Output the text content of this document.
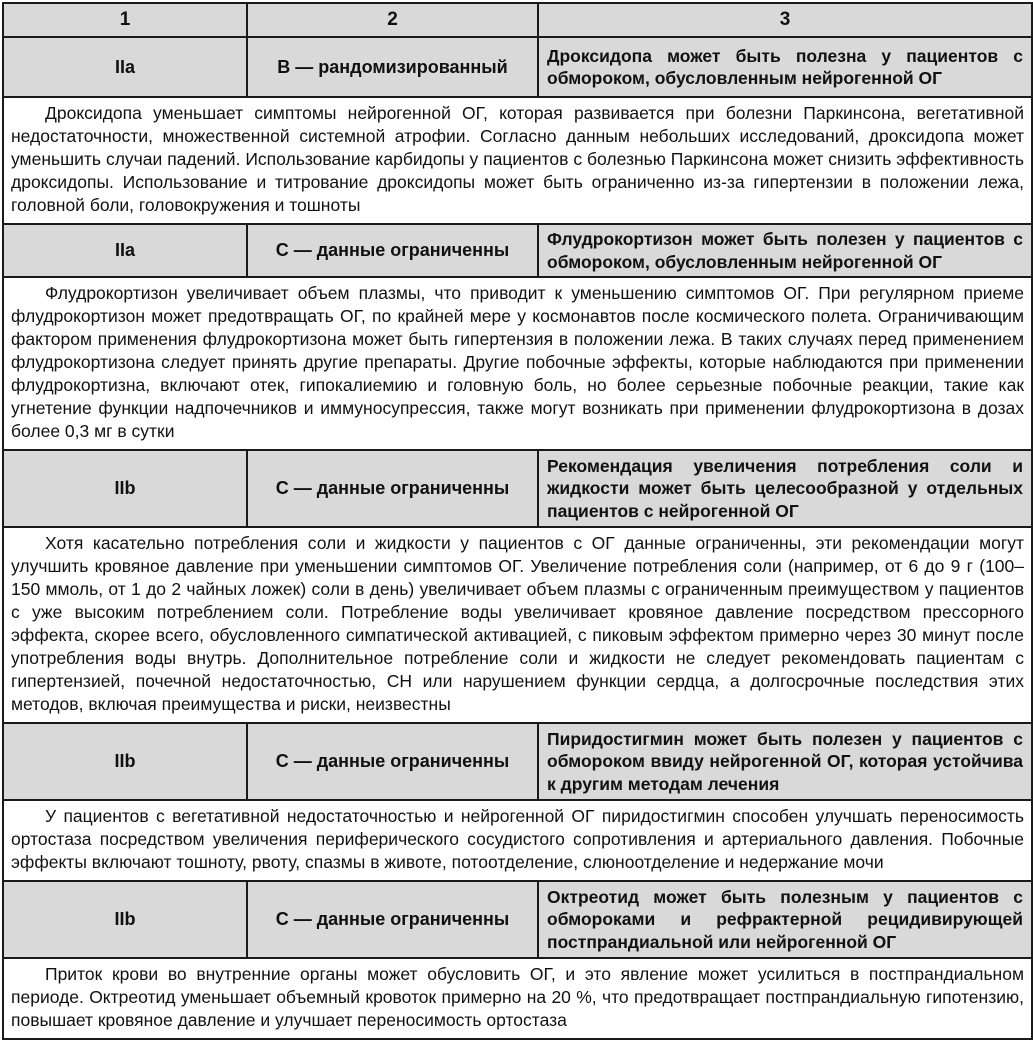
1	2	3
IIa	В — рандомизированный	Дроксидопа может быть полезна у пациентов с обмороком, обусловленным нейрогенной ОГ
Дроксидопа уменьшает симптомы нейрогенной ОГ, которая развивается при болезни Паркинсона, вегетативной недостаточности, множественной системной атрофии. Согласно данным небольших исследований, дроксидопа может уменьшить случаи падений. Использование карбидопы у пациентов с болезнью Паркинсона может снизить эффективность дроксидопы. Использование и титрование дроксидопы может быть ограниченно из-за гипертензии в положении лежа, головной боли, головокружения и тошноты		
IIa	С — данные ограниченны	Флудрокортизон может быть полезен у пациентов с обмороком, обусловленным нейрогенной ОГ
Флудрокортизон увеличивает объем плазмы, что приводит к уменьшению симптомов ОГ. При регулярном приеме флудрокортизон может предотвращать ОГ, по крайней мере у космонавтов после космического полета. Ограничивающим фактором применения флудрокортизона может быть гипертензия в положении лежа. В таких случаях перед применением флудрокортизона следует принять другие препараты. Другие побочные эффекты, которые наблюдаются при применении флудрокортизна, включают отек, гипокалиемию и головную боль, но более серьезные побочные реакции, такие как угнетение функции надпочечников и иммуносупрессия, также могут возникать при применении флудрокортизона в дозах более 0,3 мг в сутки		
IIb	С — данные ограниченны	Рекомендация увеличения потребления соли и жидкости может быть целесообразной у отдельных пациентов с нейрогенной ОГ
Хотя касательно потребления соли и жидкости у пациентов с ОГ данные ограниченны, эти рекомендации могут улучшить кровяное давление при уменьшении симптомов ОГ. Увеличение потребления соли (например, от 6 до 9 г (100–150 ммоль, от 1 до 2 чайных ложек) соли в день) увеличивает объем плазмы с ограниченным преимуществом у пациентов с уже высоким потреблением соли. Потребление воды увеличивает кровяное давление посредством прессорного эффекта, скорее всего, обусловленного симпатической активацией, с пиковым эффектом примерно через 30 минут после употребления воды внутрь. Дополнительное потребление соли и жидкости не следует рекомендовать пациентам с гипертензией, почечной недостаточностью, СН или нарушением функции сердца, а долгосрочные последствия этих методов, включая преимущества и риски, неизвестны		
IIb	С — данные ограниченны	Пиридостигмин может быть полезен у пациентов с обмороком ввиду нейрогенной ОГ, которая устойчива к другим методам лечения
У пациентов с вегетативной недостаточностью и нейрогенной ОГ пиридостигмин способен улучшать переносимость ортостаза посредством увеличения периферического сосудистого сопротивления и артериального давления. Побочные эффекты включают тошноту, рвоту, спазмы в животе, потоотделение, слюноотделение и недержание мочи		
IIb	С — данные ограниченны	Октреотид может быть полезным у пациентов с обмороками и рефрактерной рецидивирующей постпрандиальной или нейрогенной ОГ
Приток крови во внутренние органы может обусловить ОГ, и это явление может усилиться в постпрандиальном периоде. Октреотид уменьшает объемный кровоток примерно на 20 %, что предотвращает постпрандиальную гипотензию, повышает кровяное давление и улучшает переносимость ортостаза		
